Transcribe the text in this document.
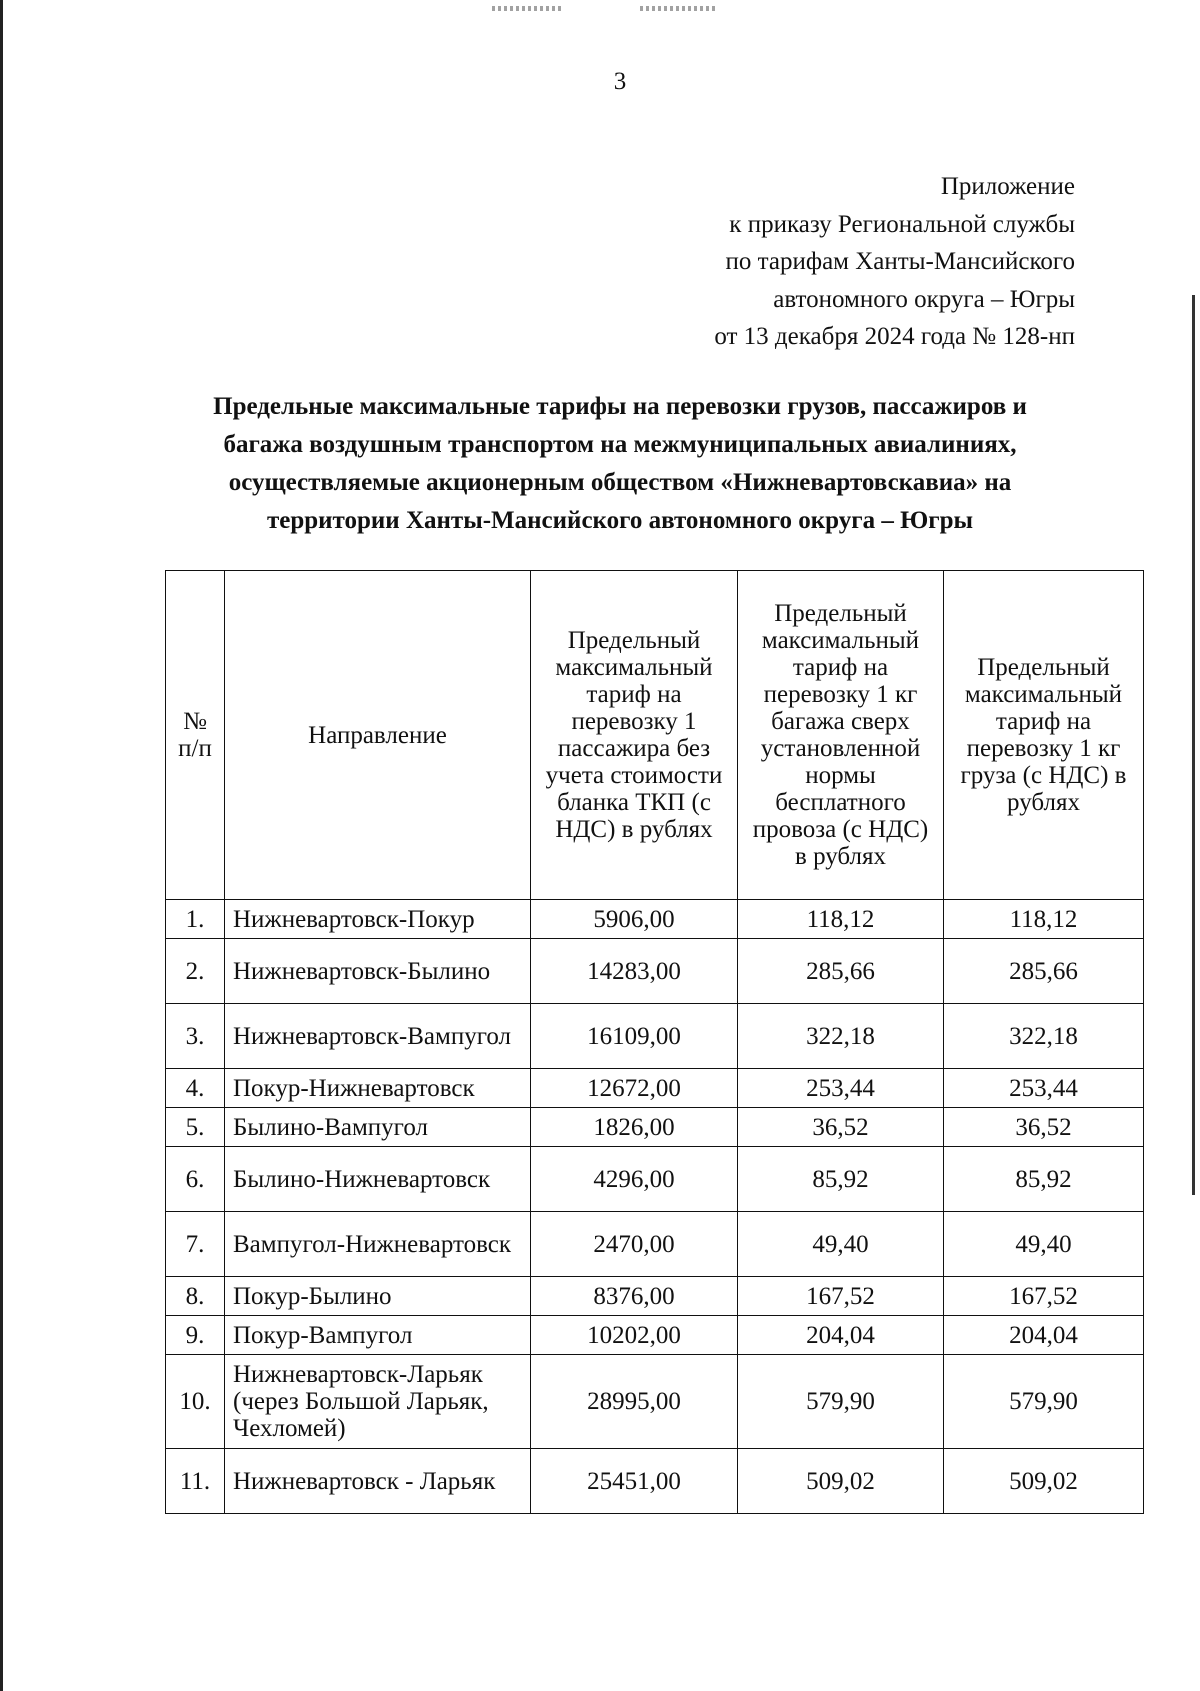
3
Приложение
к приказу Региональной службы
по тарифам Ханты-Мансийского
автономного округа – Югры
от 13 декабря 2024 года № 128-нп
Предельные максимальные тарифы на перевозки грузов, пассажиров и
багажа воздушным транспортом на межмуниципальных авиалиниях,
осуществляемые акционерным обществом «Нижневартовскавиа» на
территории Ханты-Мансийского автономного округа – Югры
№ п/п	Направление	Предельный максимальный тариф на перевозку 1 пассажира без учета стоимости бланка ТКП (с НДС) в рублях	Предельный максимальный тариф на перевозку 1 кг багажа сверх установленной нормы бесплатного провоза (с НДС) в рублях	Предельный максимальный тариф на перевозку 1 кг груза (с НДС) в рублях
1.	Нижневартовск-Покур	5906,00	118,12	118,12
2.	Нижневартовск-Былино	14283,00	285,66	285,66
3.	Нижневартовск-Вампугол	16109,00	322,18	322,18
4.	Покур-Нижневартовск	12672,00	253,44	253,44
5.	Былино-Вампугол	1826,00	36,52	36,52
6.	Былино-Нижневартовск	4296,00	85,92	85,92
7.	Вампугол-Нижневартовск	2470,00	49,40	49,40
8.	Покур-Былино	8376,00	167,52	167,52
9.	Покур-Вампугол	10202,00	204,04	204,04
10.	Нижневартовск-Ларьяк (через Большой Ларьяк, Чехломей)	28995,00	579,90	579,90
11.	Нижневартовск - Ларьяк	25451,00	509,02	509,02
